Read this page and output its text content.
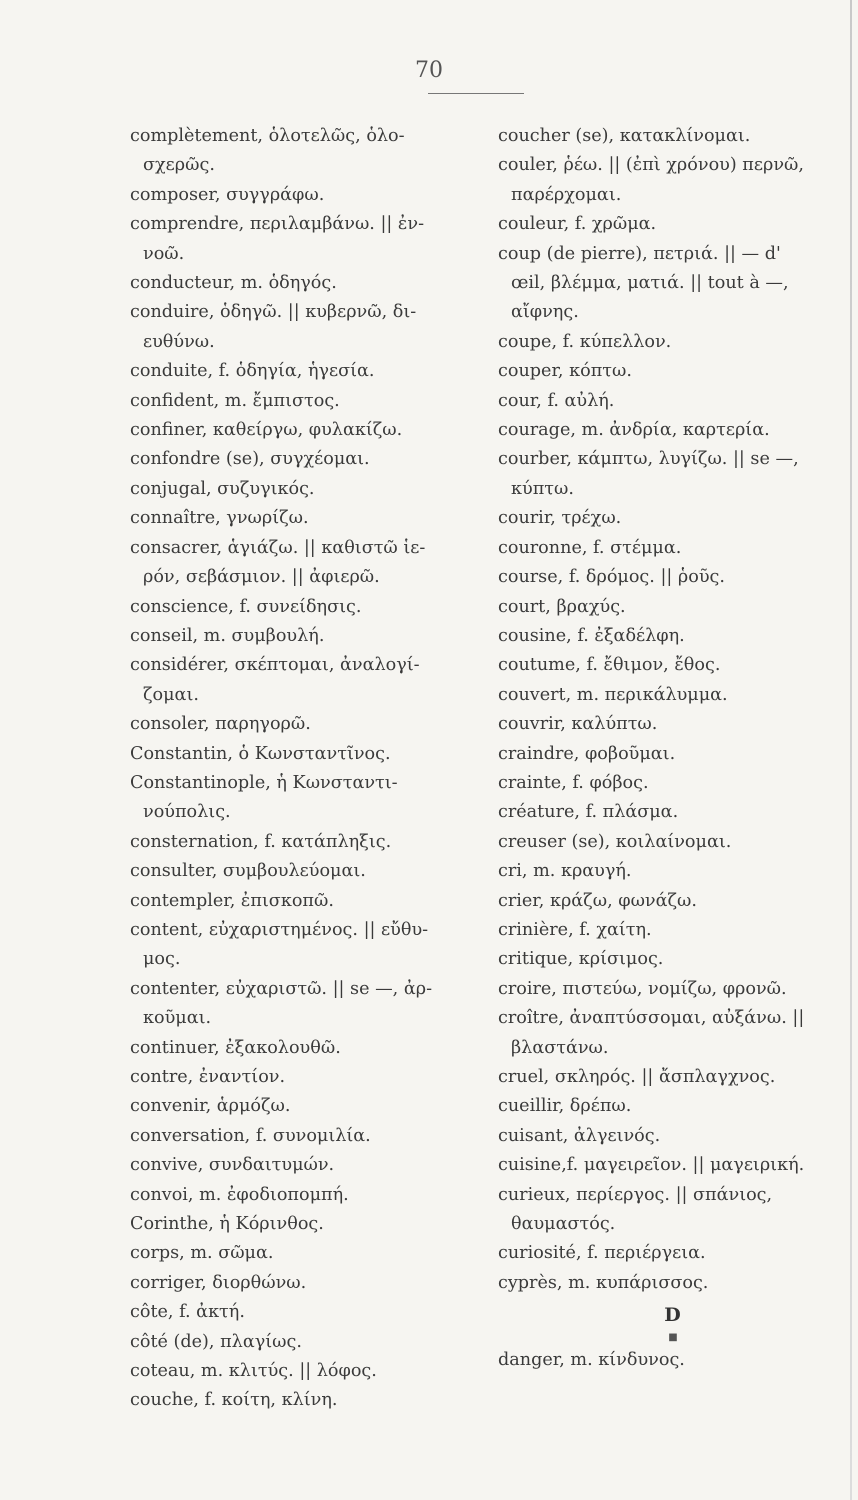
70
complètement, ὁλοτελῶς, ὁλο-
σχερῶς.
composer, συγγράφω.
comprendre, περιλαμβάνω. || ἐν-
νοῶ.
conducteur, m. ὁδηγός.
conduire, ὁδηγῶ. || κυβερνῶ, δι-
ευθύνω.
conduite, f. ὁδηγία, ἡγεσία.
confident, m. ἔμπιστος.
confiner, καθείργω, φυλακίζω.
confondre (se), συγχέομαι.
conjugal, συζυγικός.
connaître, γνωρίζω.
consacrer, ἁγιάζω. || καθιστῶ ἱε-
ρόν, σεβάσμιον. || ἀφιερῶ.
conscience, f. συνείδησις.
conseil, m. συμβουλή.
considérer, σκέπτομαι, ἀναλογί-
ζομαι.
consoler, παρηγορῶ.
Constantin, ὁ Κωνσταντῖνος.
Constantinople, ἡ Κωνσταντι-
νούπολις.
consternation, f. κατάπληξις.
consulter, συμβουλεύομαι.
contempler, ἐπισκοπῶ.
content, εὐχαριστημένος. || εὔθυ-
μος.
contenter, εὐχαριστῶ. || se —, ἀρ-
κοῦμαι.
continuer, ἐξακολουθῶ.
contre, ἐναντίον.
convenir, ἁρμόζω.
conversation, f. συνομιλία.
convive, συνδαιτυμών.
convoi, m. ἐφοδιοπομπή.
Corinthe, ἡ Κόρινθος.
corps, m. σῶμα.
corriger, διορθώνω.
côte, f. ἀκτή.
côté (de), πλαγίως.
coteau, m. κλιτύς. || λόφος.
couche, f. κοίτη, κλίνη.
coucher (se), κατακλίνομαι.
couler, ῥέω. || (ἐπὶ χρόνου) περνῶ,
παρέρχομαι.
couleur, f. χρῶμα.
coup (de pierre), πετριά. || — d'
œil, βλέμμα, ματιά. || tout à —,
αἴφνης.
coupe, f. κύπελλον.
couper, κόπτω.
cour, f. αὐλή.
courage, m. ἀνδρία, καρτερία.
courber, κάμπτω, λυγίζω. || se —,
κύπτω.
courir, τρέχω.
couronne, f. στέμμα.
course, f. δρόμος. || ῥοῦς.
court, βραχύς.
cousine, f. ἐξαδέλφη.
coutume, f. ἔθιμον, ἔθος.
couvert, m. περικάλυμμα.
couvrir, καλύπτω.
craindre, φοβοῦμαι.
crainte, f. φόβος.
créature, f. πλάσμα.
creuser (se), κοιλαίνομαι.
cri, m. κραυγή.
crier, κράζω, φωνάζω.
crinière, f. χαίτη.
critique, κρίσιμος.
croire, πιστεύω, νομίζω, φρονῶ.
croître, ἀναπτύσσομαι, αὐξάνω. ||
βλαστάνω.
cruel, σκληρός. || ἄσπλαγχνος.
cueillir, δρέπω.
cuisant, ἀλγεινός.
cuisine,f. μαγειρεῖον. || μαγειρική.
curieux, περίεργος. || σπάνιος,
θαυμαστός.
curiosité, f. περιέργεια.
cyprès, m. κυπάρισσος.
D
■
danger, m. κίνδυνος.
